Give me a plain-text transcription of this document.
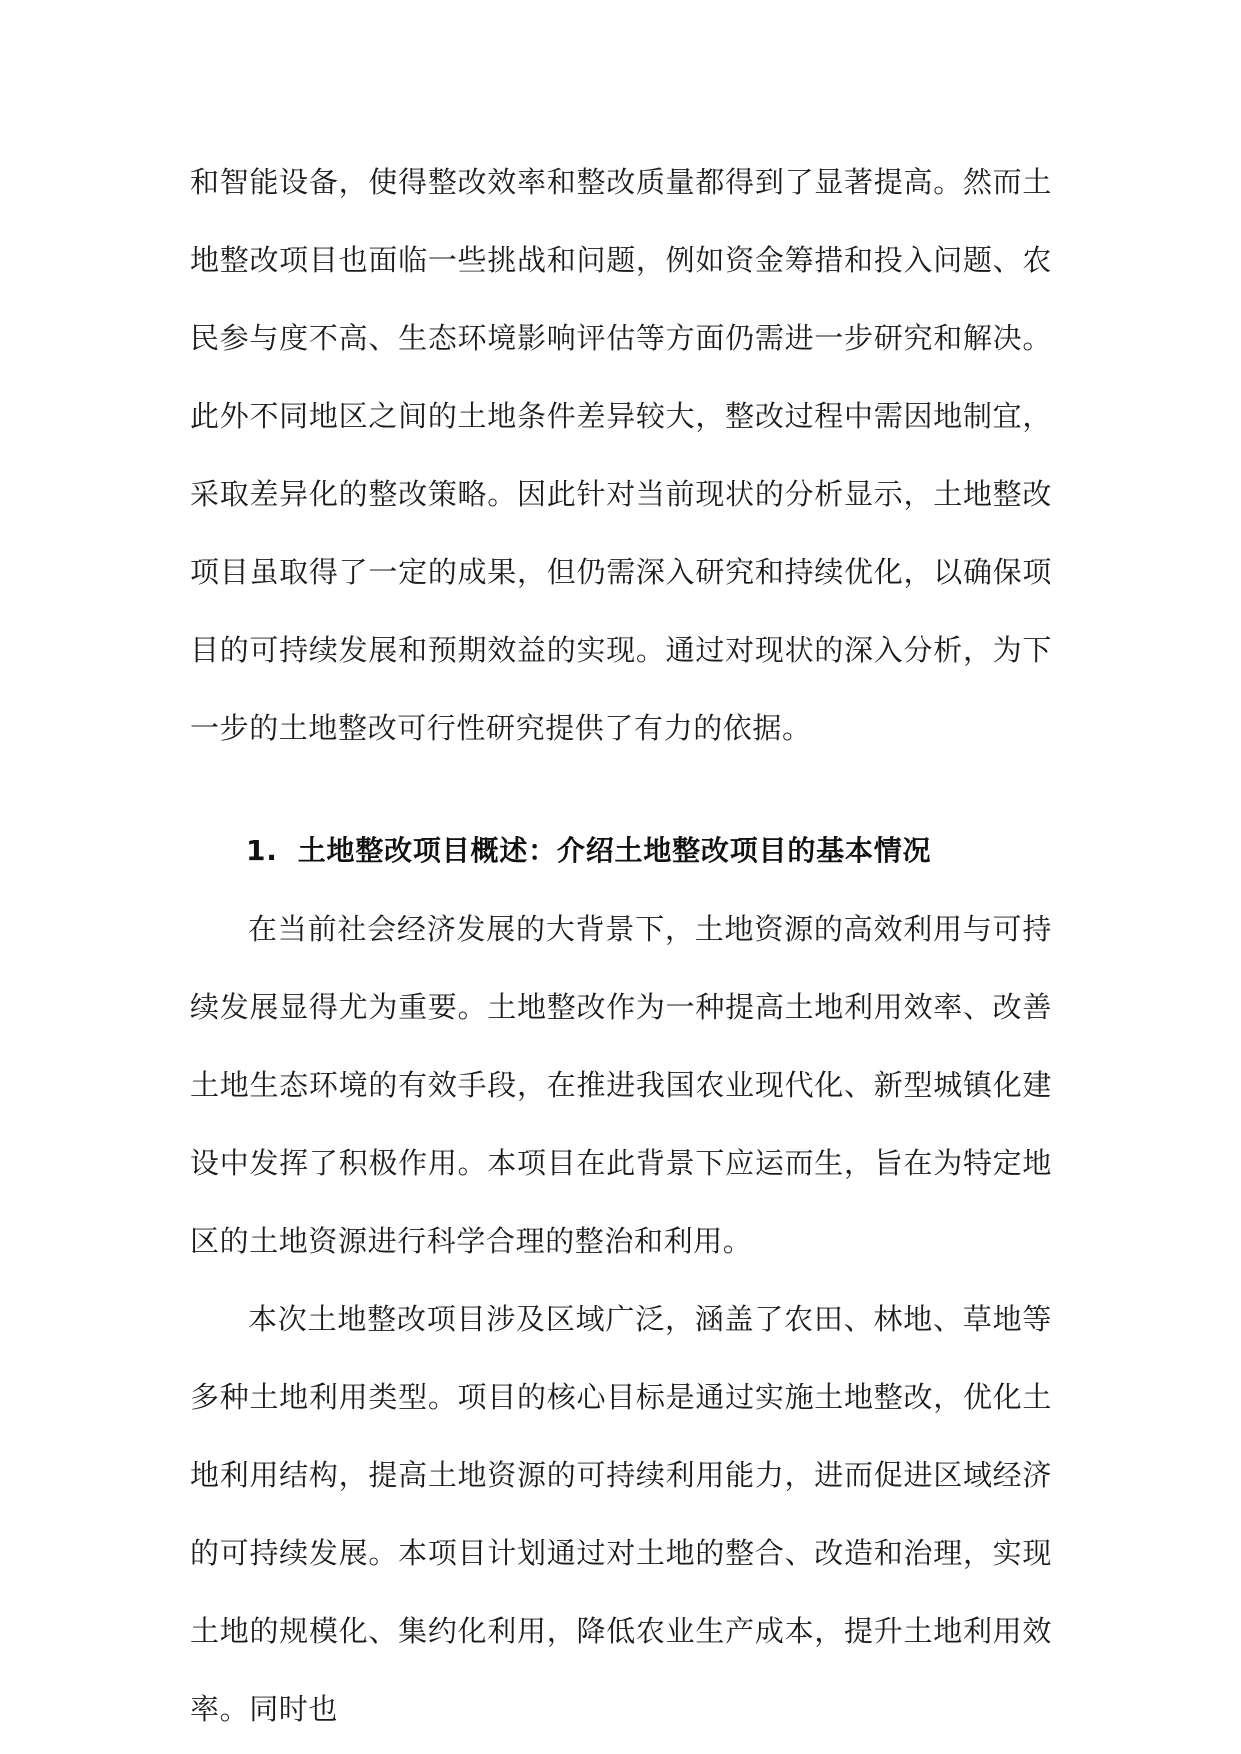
和智能设备，使得整改效率和整改质量都得到了显著提高。然而土地整改项目也面临一些挑战和问题，例如资金筹措和投入问题、农民参与度不高、生态环境影响评估等方面仍需进一步研究和解决。此外不同地区之间的土地条件差异较大，整改过程中需因地制宜，采取差异化的整改策略。因此针对当前现状的分析显示，土地整改项目虽取得了一定的成果，但仍需深入研究和持续优化，以确保项目的可持续发展和预期效益的实现。通过对现状的深入分析，为下一步的土地整改可行性研究提供了有力的依据。

1. 土地整改项目概述：介绍土地整改项目的基本情况

在当前社会经济发展的大背景下，土地资源的高效利用与可持续发展显得尤为重要。土地整改作为一种提高土地利用效率、改善土地生态环境的有效手段，在推进我国农业现代化、新型城镇化建设中发挥了积极作用。本项目在此背景下应运而生，旨在为特定地区的土地资源进行科学合理的整治和利用。

本次土地整改项目涉及区域广泛，涵盖了农田、林地、草地等多种土地利用类型。项目的核心目标是通过实施土地整改，优化土地利用结构，提高土地资源的可持续利用能力，进而促进区域经济的可持续发展。本项目计划通过对土地的整合、改造和治理，实现土地的规模化、集约化利用，降低农业生产成本，提升土地利用效率。同时也
